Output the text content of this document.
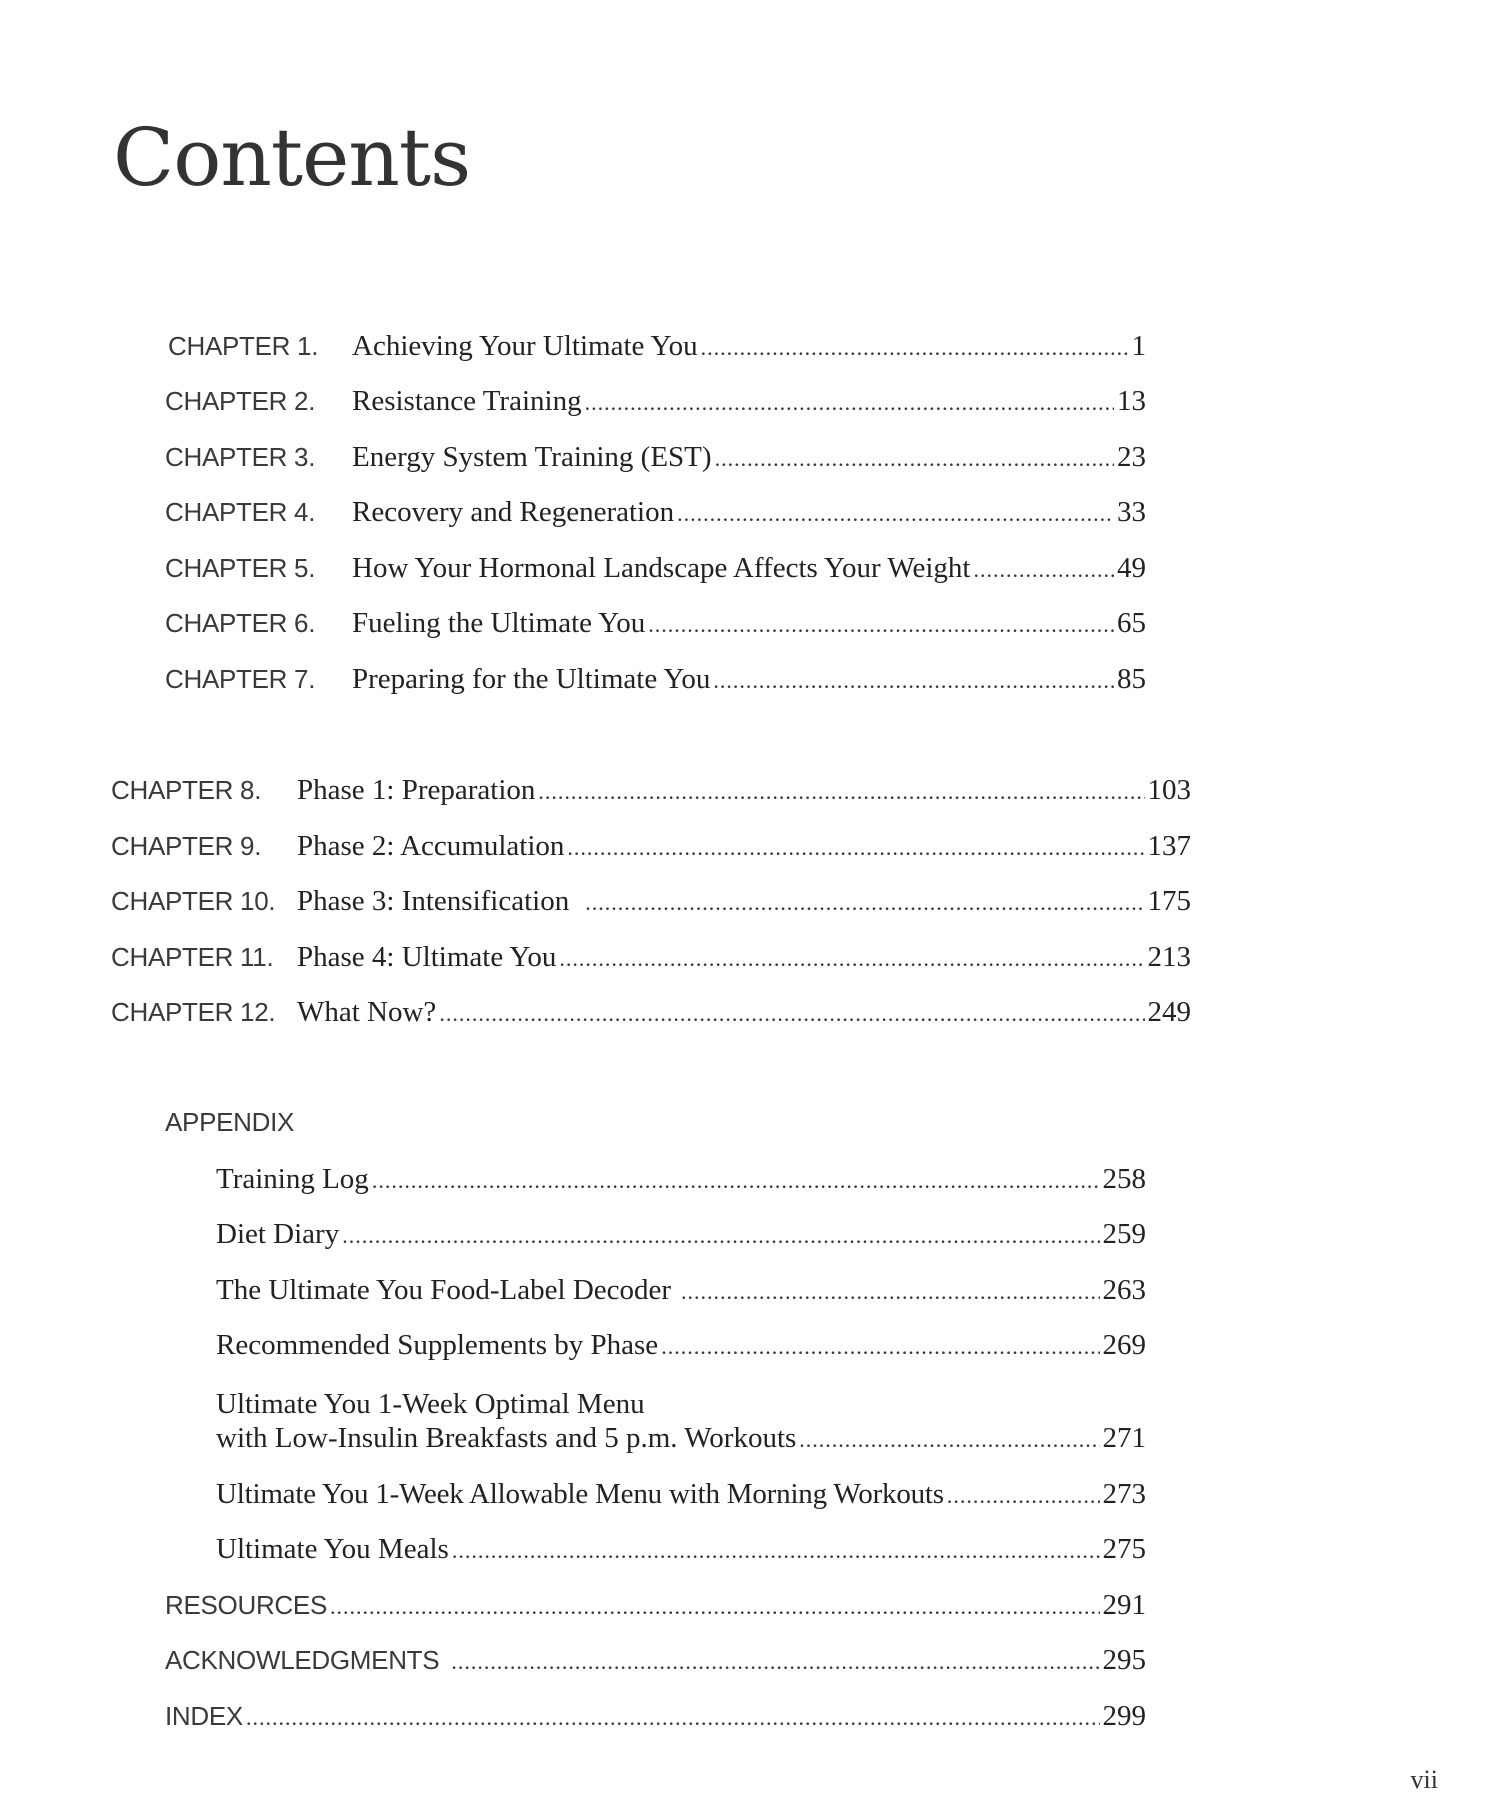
Contents
CHAPTER 1.	Achieving Your Ultimate You .....	1
CHAPTER 2.	Resistance Training .....	13
CHAPTER 3.	Energy System Training (EST) .....	23
CHAPTER 4.	Recovery and Regeneration .....	33
CHAPTER 5.	How Your Hormonal Landscape Affects Your Weight .....	49
CHAPTER 6.	Fueling the Ultimate You .....	65
CHAPTER 7.	Preparing for the Ultimate You .....	85
CHAPTER 8.	Phase 1: Preparation .....	103
CHAPTER 9.	Phase 2: Accumulation .....	137
CHAPTER 10. Phase 3: Intensification .....	175
CHAPTER 11. Phase 4: Ultimate You .....	213
CHAPTER 12. What Now? .....	249
APPENDIX
Training Log .....	258
Diet Diary .....	259
The Ultimate You Food-Label Decoder .....	263
Recommended Supplements by Phase .....	269
Ultimate You 1-Week Optimal Menu
with Low-Insulin Breakfasts and 5 p.m. Workouts .....	271
Ultimate You 1-Week Allowable Menu with Morning Workouts .....	273
Ultimate You Meals .....	275
RESOURCES .....	291
ACKNOWLEDGMENTS .....	295
INDEX .....	299
vii
